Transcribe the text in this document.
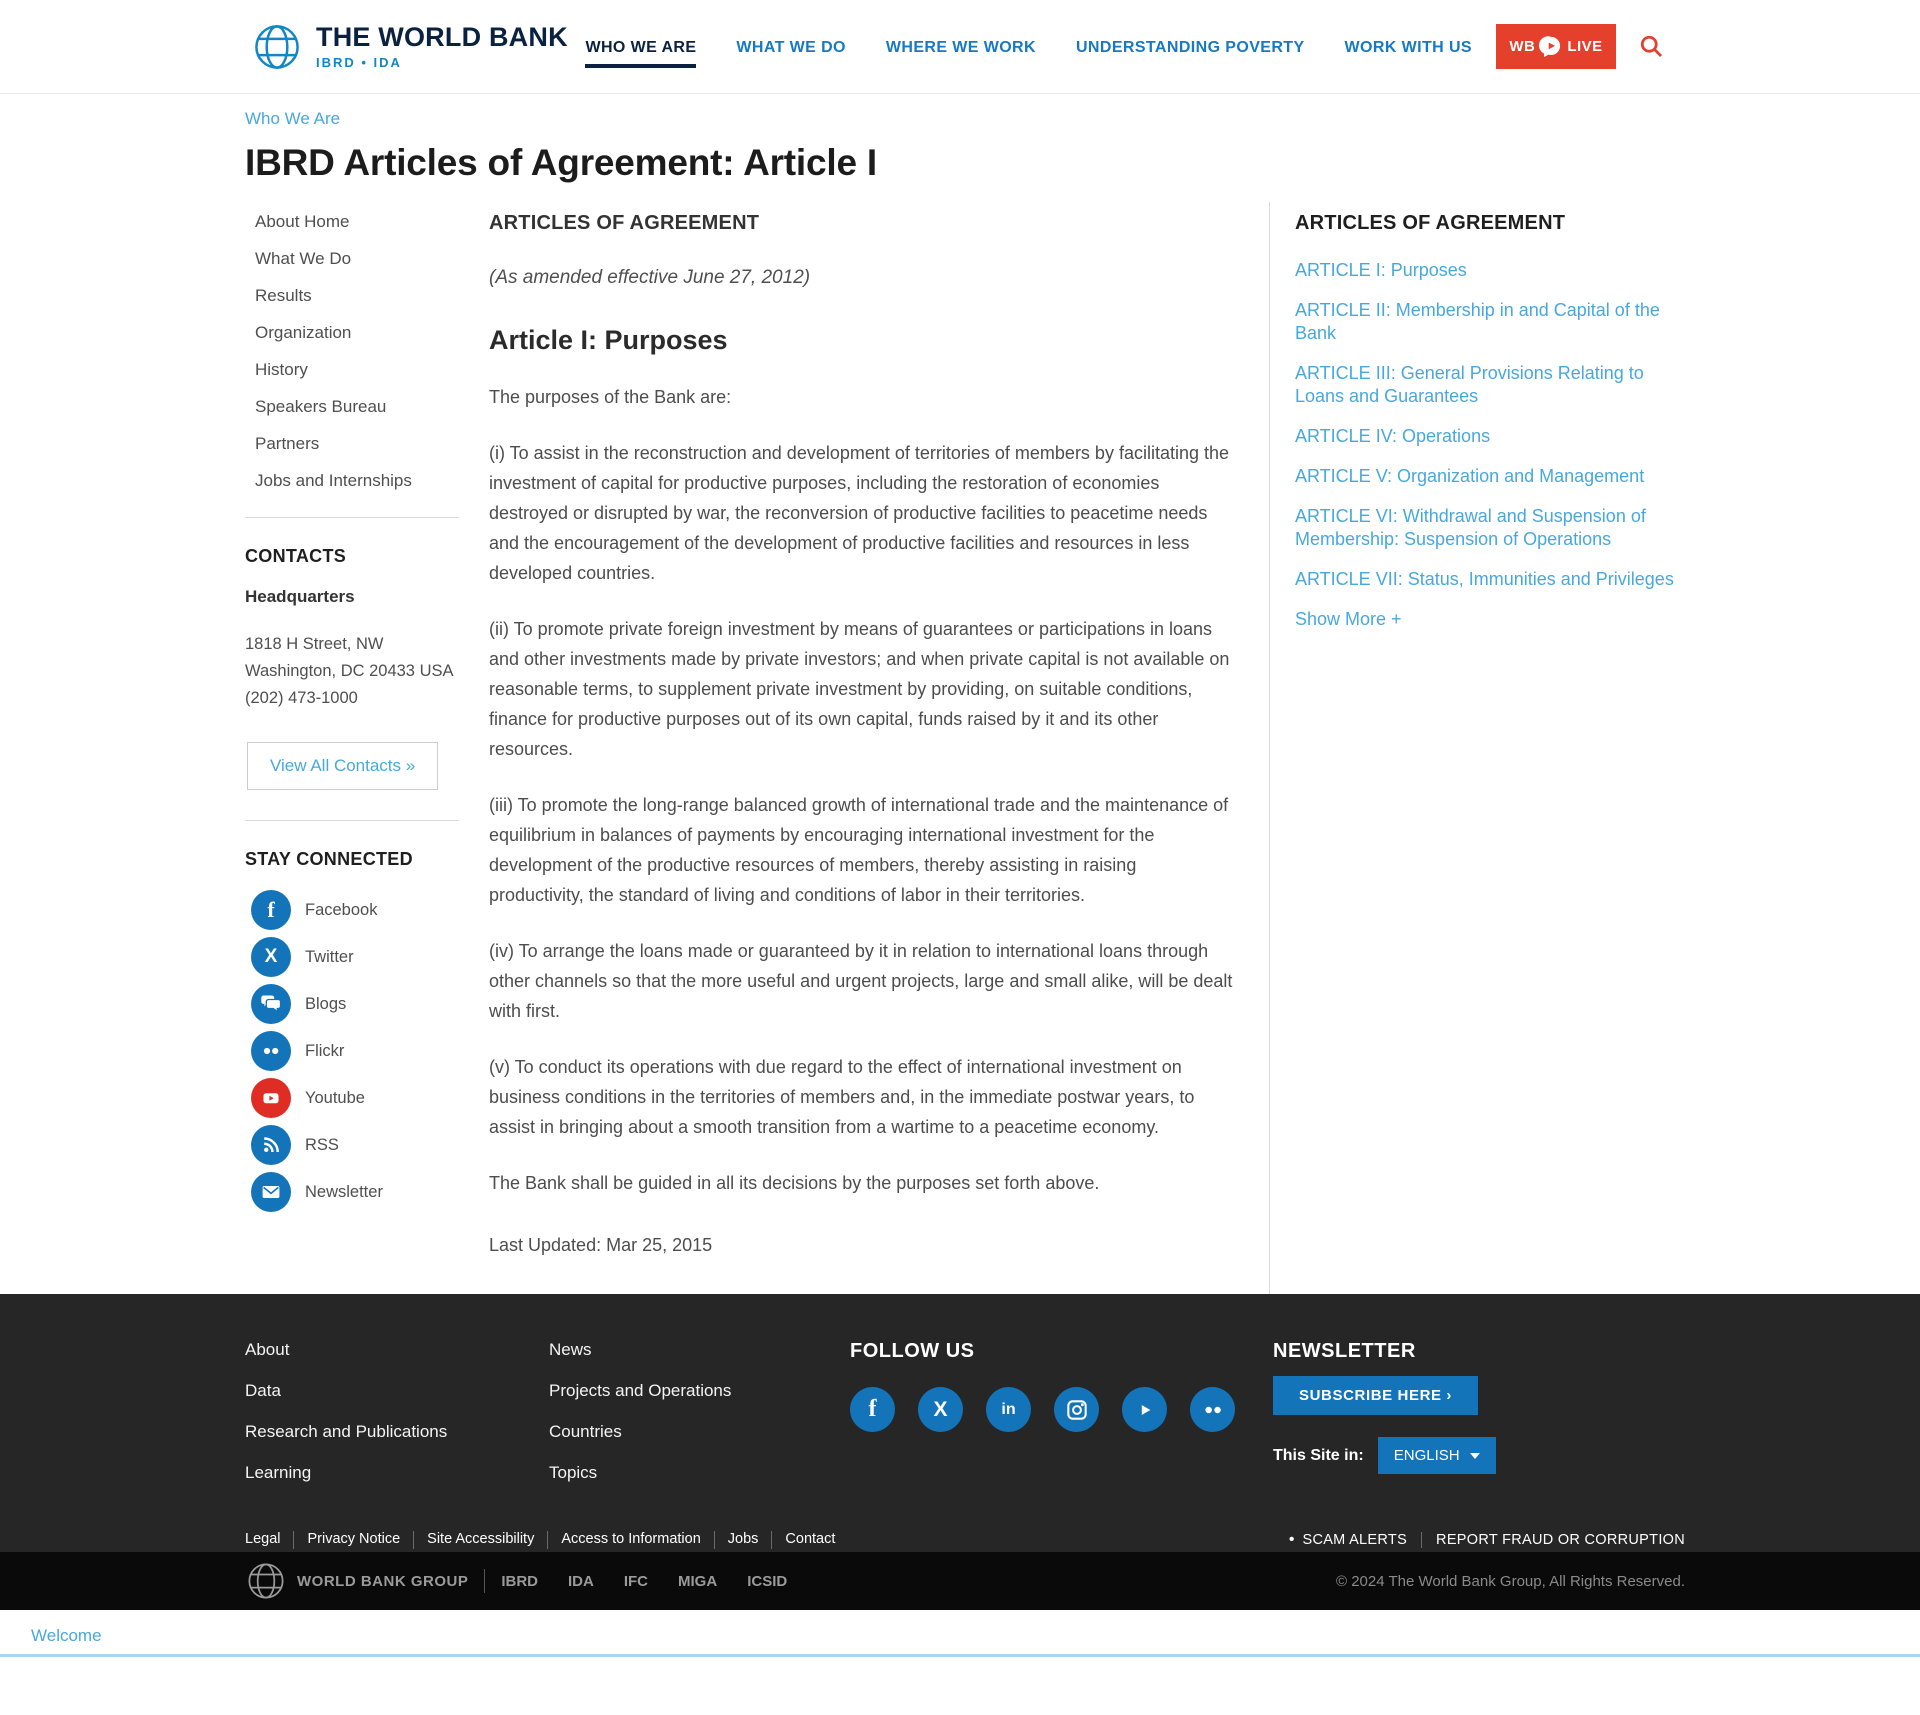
THE WORLD BANK
IBRD • IDA
WHO WE ARE	WHAT WE DO	WHERE WE WORK	UNDERSTANDING POVERTY	WORK WITH US WB LIVE
Who We Are
IBRD Articles of Agreement: Article I
About Home
What We Do
Results
Organization
History
Speakers Bureau
Partners
Jobs and Internships
CONTACTS
Headquarters
1818 H Street, NW
Washington, DC 20433 USA
(202) 473-1000
View All Contacts »
STAY CONNECTED
f Facebook
X Twitter
Blogs
Flickr
Youtube
RSS
Newsletter
ARTICLES OF AGREEMENT
(As amended effective June 27, 2012)
Article I: Purposes

The purposes of the Bank are:

(i) To assist in the reconstruction and development of territories of members by facilitating the investment of capital for productive purposes, including the restoration of economies destroyed or disrupted by war, the reconversion of productive facilities to peacetime needs and the encouragement of the development of productive facilities and resources in less developed countries.

(ii) To promote private foreign investment by means of guarantees or participations in loans and other investments made by private investors; and when private capital is not available on reasonable terms, to supplement private investment by providing, on suitable conditions, finance for productive purposes out of its own capital, funds raised by it and its other resources.

(iii) To promote the long-range balanced growth of international trade and the maintenance of equilibrium in balances of payments by encouraging international investment for the development of the productive resources of members, thereby assisting in raising productivity, the standard of living and conditions of labor in their territories.

(iv) To arrange the loans made or guaranteed by it in relation to international loans through other channels so that the more useful and urgent projects, large and small alike, will be dealt with first.

(v) To conduct its operations with due regard to the effect of international investment on business conditions in the territories of members and, in the immediate postwar years, to assist in bringing about a smooth transition from a wartime to a peacetime economy.

The Bank shall be guided in all its decisions by the purposes set forth above.

Last Updated: Mar 25, 2015

ARTICLES OF AGREEMENT
ARTICLE I: Purposes
ARTICLE II: Membership in and Capital of the Bank
ARTICLE III: General Provisions Relating to Loans and Guarantees
ARTICLE IV: Operations
ARTICLE V: Organization and Management
ARTICLE VI: Withdrawal and Suspension of Membership: Suspension of Operations
ARTICLE VII: Status, Immunities and Privileges
Show More +
About
Data
Research and Publications
Learning
News
Projects and Operations
Countries
Topics
FOLLOW US
f	X	in
NEWSLETTER
SUBSCRIBE HERE ›
This Site in: ENGLISH
Legal	Privacy Notice	Site Accessibility	Access to Information	Jobs	Contact	• SCAM ALERTS REPORT FRAUD OR CORRUPTION
WORLD BANK GROUP IBRD IDA IFC MIGA ICSID	© 2024 The World Bank Group, All Rights Reserved.
Welcome
